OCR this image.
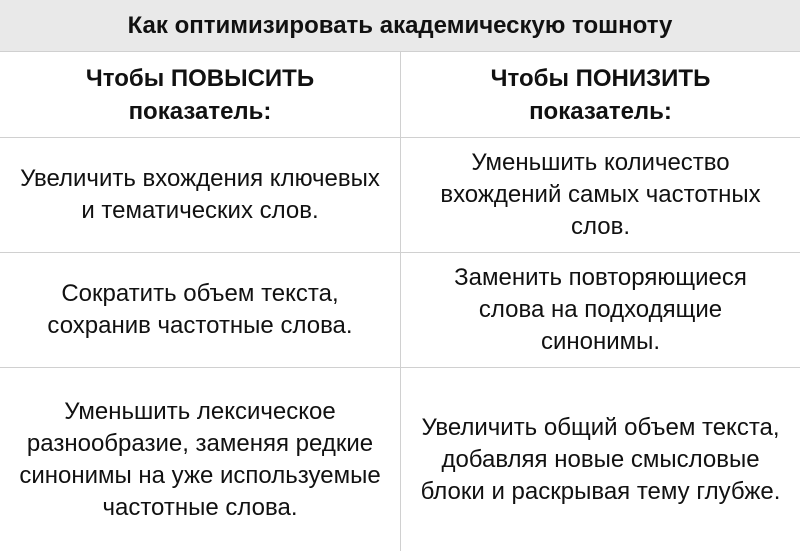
Как оптимизировать академическую тошноту
Чтобы ПОВЫСИТЬ показатель:
Чтобы ПОНИЗИТЬ показатель:
Увеличить вхождения ключевых и тематических слов.
Уменьшить количество вхождений самых частотных слов.
Сократить объем текста, сохранив частотные слова.
Заменить повторяющиеся слова на подходящие синонимы.
Уменьшить лексическое разнообразие, заменяя редкие синонимы на уже используемые частотные слова.
Увеличить общий объем текста, добавляя новые смысловые блоки и раскрывая тему глубже.
